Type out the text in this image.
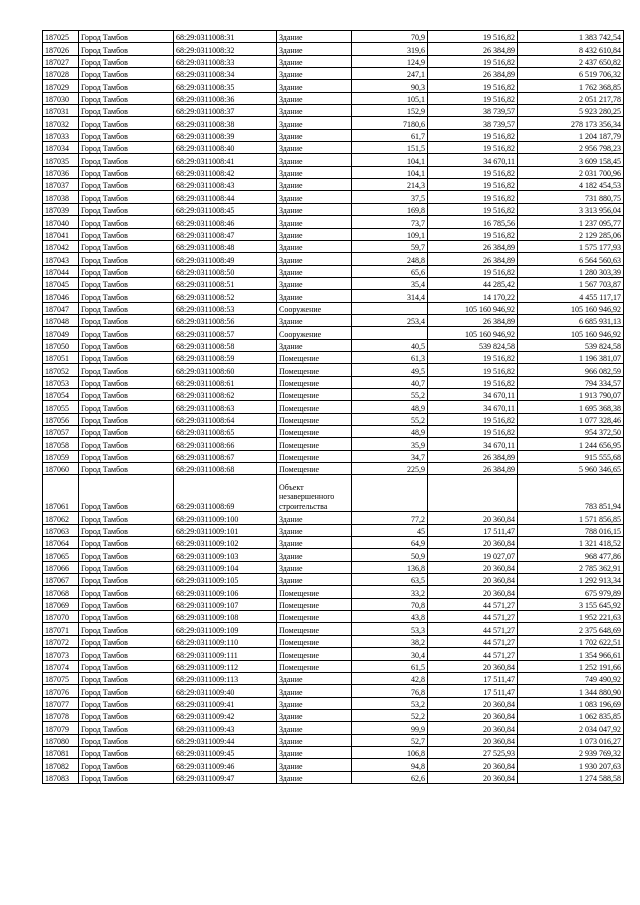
187025	Город Тамбов	68:29:0311008:31	Здание	70,9	19 516,82	1 383 742,54
187026	Город Тамбов	68:29:0311008:32	Здание	319,6	26 384,89	8 432 610,84
187027	Город Тамбов	68:29:0311008:33	Здание	124,9	19 516,82	2 437 650,82
187028	Город Тамбов	68:29:0311008:34	Здание	247,1	26 384,89	6 519 706,32
187029	Город Тамбов	68:29:0311008:35	Здание	90,3	19 516,82	1 762 368,85
187030	Город Тамбов	68:29:0311008:36	Здание	105,1	19 516,82	2 051 217,78
187031	Город Тамбов	68:29:0311008:37	Здание	152,9	38 739,57	5 923 280,25
187032	Город Тамбов	68:29:0311008:38	Здание	7180,6	38 739,57	278 173 356,34
187033	Город Тамбов	68:29:0311008:39	Здание	61,7	19 516,82	1 204 187,79
187034	Город Тамбов	68:29:0311008:40	Здание	151,5	19 516,82	2 956 798,23
187035	Город Тамбов	68:29:0311008:41	Здание	104,1	34 670,11	3 609 158,45
187036	Город Тамбов	68:29:0311008:42	Здание	104,1	19 516,82	2 031 700,96
187037	Город Тамбов	68:29:0311008:43	Здание	214,3	19 516,82	4 182 454,53
187038	Город Тамбов	68:29:0311008:44	Здание	37,5	19 516,82	731 880,75
187039	Город Тамбов	68:29:0311008:45	Здание	169,8	19 516,82	3 313 956,04
187040	Город Тамбов	68:29:0311008:46	Здание	73,7	16 785,56	1 237 095,77
187041	Город Тамбов	68:29:0311008:47	Здание	109,1	19 516,82	2 129 285,06
187042	Город Тамбов	68:29:0311008:48	Здание	59,7	26 384,89	1 575 177,93
187043	Город Тамбов	68:29:0311008:49	Здание	248,8	26 384,89	6 564 560,63
187044	Город Тамбов	68:29:0311008:50	Здание	65,6	19 516,82	1 280 303,39
187045	Город Тамбов	68:29:0311008:51	Здание	35,4	44 285,42	1 567 703,87
187046	Город Тамбов	68:29:0311008:52	Здание	314,4	14 170,22	4 455 117,17
187047	Город Тамбов	68:29:0311008:53	Сооружение		105 160 946,92	105 160 946,92
187048	Город Тамбов	68:29:0311008:56	Здание	253,4	26 384,89	6 685 931,13
187049	Город Тамбов	68:29:0311008:57	Сооружение		105 160 946,92	105 160 946,92
187050	Город Тамбов	68:29:0311008:58	Здание	40,5	539 824,58	539 824,58
187051	Город Тамбов	68:29:0311008:59	Помещение	61,3	19 516,82	1 196 381,07
187052	Город Тамбов	68:29:0311008:60	Помещение	49,5	19 516,82	966 082,59
187053	Город Тамбов	68:29:0311008:61	Помещение	40,7	19 516,82	794 334,57
187054	Город Тамбов	68:29:0311008:62	Помещение	55,2	34 670,11	1 913 790,07
187055	Город Тамбов	68:29:0311008:63	Помещение	48,9	34 670,11	1 695 368,38
187056	Город Тамбов	68:29:0311008:64	Помещение	55,2	19 516,82	1 077 328,46
187057	Город Тамбов	68:29:0311008:65	Помещение	48,9	19 516,82	954 372,50
187058	Город Тамбов	68:29:0311008:66	Помещение	35,9	34 670,11	1 244 656,95
187059	Город Тамбов	68:29:0311008:67	Помещение	34,7	26 384,89	915 555,68
187060	Город Тамбов	68:29:0311008:68	Помещение	225,9	26 384,89	5 960 346,65
187061	Город Тамбов	68:29:0311008:69	Объект незавершенного строительства			783 851,94
187062	Город Тамбов	68:29:0311009:100	Здание	77,2	20 360,84	1 571 856,85
187063	Город Тамбов	68:29:0311009:101	Здание	45	17 511,47	788 016,15
187064	Город Тамбов	68:29:0311009:102	Здание	64,9	20 360,84	1 321 418,52
187065	Город Тамбов	68:29:0311009:103	Здание	50,9	19 027,07	968 477,86
187066	Город Тамбов	68:29:0311009:104	Здание	136,8	20 360,84	2 785 362,91
187067	Город Тамбов	68:29:0311009:105	Здание	63,5	20 360,84	1 292 913,34
187068	Город Тамбов	68:29:0311009:106	Помещение	33,2	20 360,84	675 979,89
187069	Город Тамбов	68:29:0311009:107	Помещение	70,8	44 571,27	3 155 645,92
187070	Город Тамбов	68:29:0311009:108	Помещение	43,8	44 571,27	1 952 221,63
187071	Город Тамбов	68:29:0311009:109	Помещение	53,3	44 571,27	2 375 648,69
187072	Город Тамбов	68:29:0311009:110	Помещение	38,2	44 571,27	1 702 622,51
187073	Город Тамбов	68:29:0311009:111	Помещение	30,4	44 571,27	1 354 966,61
187074	Город Тамбов	68:29:0311009:112	Помещение	61,5	20 360,84	1 252 191,66
187075	Город Тамбов	68:29:0311009:113	Здание	42,8	17 511,47	749 490,92
187076	Город Тамбов	68:29:0311009:40	Здание	76,8	17 511,47	1 344 880,90
187077	Город Тамбов	68:29:0311009:41	Здание	53,2	20 360,84	1 083 196,69
187078	Город Тамбов	68:29:0311009:42	Здание	52,2	20 360,84	1 062 835,85
187079	Город Тамбов	68:29:0311009:43	Здание	99,9	20 360,84	2 034 047,92
187080	Город Тамбов	68:29:0311009:44	Здание	52,7	20 360,84	1 073 016,27
187081	Город Тамбов	68:29:0311009:45	Здание	106,8	27 525,93	2 939 769,32
187082	Город Тамбов	68:29:0311009:46	Здание	94,8	20 360,84	1 930 207,63
187083	Город Тамбов	68:29:0311009:47	Здание	62,6	20 360,84	1 274 588,58
